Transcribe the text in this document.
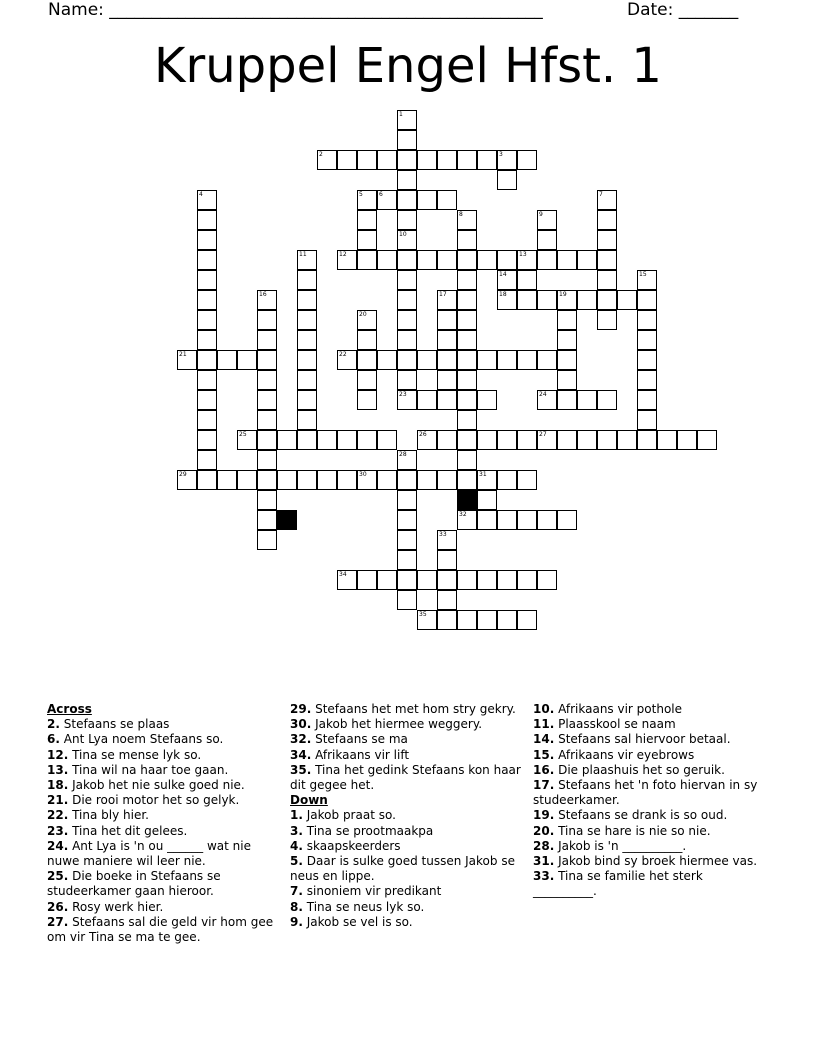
Name: ___________________________________________________	Date: _______
Kruppel Engel Hfst. 1
1
2	3
4	5	6	7
8	9
10
11	12	13
14	15
16	17	18	19
20
21	22
23	24
25	26	27
28
29	30	31
32
33
34
35
Across
2. Stefaans se plaas
6. Ant Lya noem Stefaans so.
12. Tina se mense lyk so.
13. Tina wil na haar toe gaan.
18. Jakob het nie sulke goed nie.
21. Die rooi motor het so gelyk.
22. Tina bly hier.
23. Tina het dit gelees.
24. Ant Lya is 'n ou ______ wat nie nuwe maniere wil leer nie.
25. Die boeke in Stefaans se studeerkamer gaan hieroor.
26. Rosy werk hier.
27. Stefaans sal die geld vir hom gee om vir Tina se ma te gee.
29. Stefaans het met hom stry gekry.
30. Jakob het hiermee weggery.
32. Stefaans se ma
34. Afrikaans vir lift
35. Tina het gedink Stefaans kon haar dit gegee het.
Down
1. Jakob praat so.
3. Tina se prootmaakpa
4. skaapskeerders
5. Daar is sulke goed tussen Jakob se neus en lippe.
7. sinoniem vir predikant
8. Tina se neus lyk so.
9. Jakob se vel is so.
10. Afrikaans vir pothole
11. Plaasskool se naam
14. Stefaans sal hiervoor betaal.
15. Afrikaans vir eyebrows
16. Die plaashuis het so geruik.
17. Stefaans het 'n foto hiervan in sy studeerkamer.
19. Stefaans se drank is so oud.
20. Tina se hare is nie so nie.
28. Jakob is 'n __________.
31. Jakob bind sy broek hiermee vas.
33. Tina se familie het sterk __________.
